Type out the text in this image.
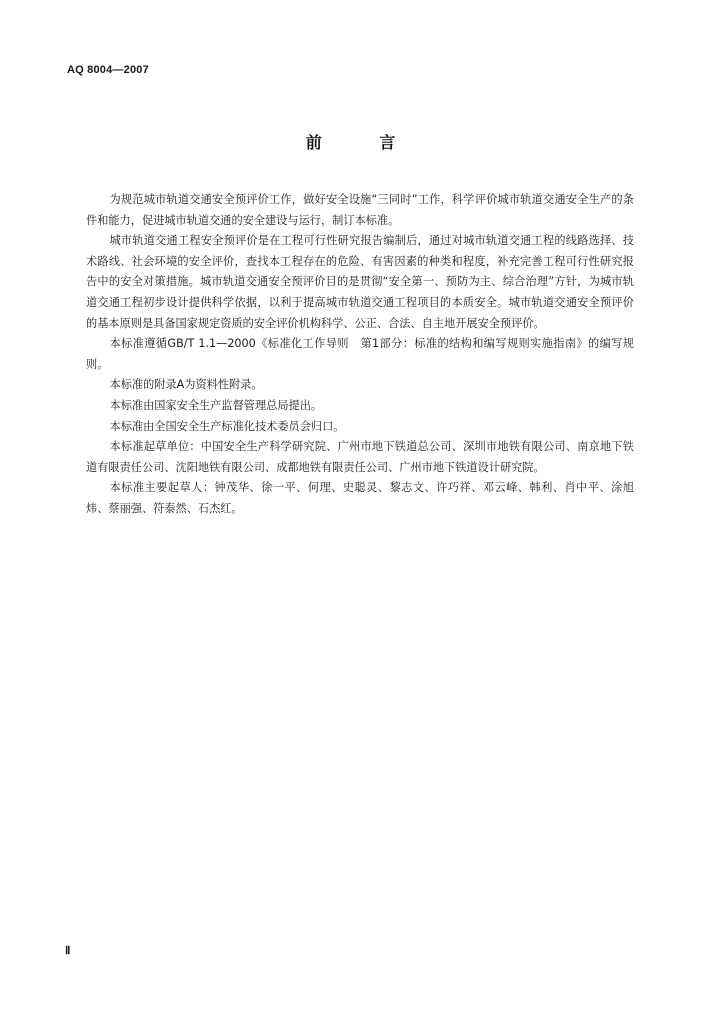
AQ 8004—2007
前 言

为规范城市轨道交通安全预评价工作，做好安全设施“三同时”工作，科学评价城市轨道交通安全生产的条件和能力，促进城市轨道交通的安全建设与运行，制订本标准。

城市轨道交通工程安全预评价是在工程可行性研究报告编制后，通过对城市轨道交通工程的线路选择、技术路线、社会环境的安全评价，查找本工程存在的危险、有害因素的种类和程度，补充完善工程可行性研究报告中的安全对策措施。城市轨道交通安全预评价目的是贯彻“安全第一、预防为主、综合治理”方针，为城市轨道交通工程初步设计提供科学依据，以利于提高城市轨道交通工程项目的本质安全。城市轨道交通安全预评价的基本原则是具备国家规定资质的安全评价机构科学、公正、合法、自主地开展安全预评价。

本标准遵循GB/T 1.1—2000《标准化工作导则　第1部分：标准的结构和编写规则实施指南》的编写规则。

本标准的附录A为资料性附录。

本标准由国家安全生产监督管理总局提出。

本标准由全国安全生产标准化技术委员会归口。

本标准起草单位：中国安全生产科学研究院、广州市地下铁道总公司、深圳市地铁有限公司、南京地下铁道有限责任公司、沈阳地铁有限公司、成都地铁有限责任公司、广州市地下铁道设计研究院。

本标准主要起草人：钟茂华、徐一平、何理、史聪灵、黎志文、许巧祥、邓云峰、韩利、肖中平、涂旭炜、蔡丽强、符泰然、石杰红。

Ⅱ
